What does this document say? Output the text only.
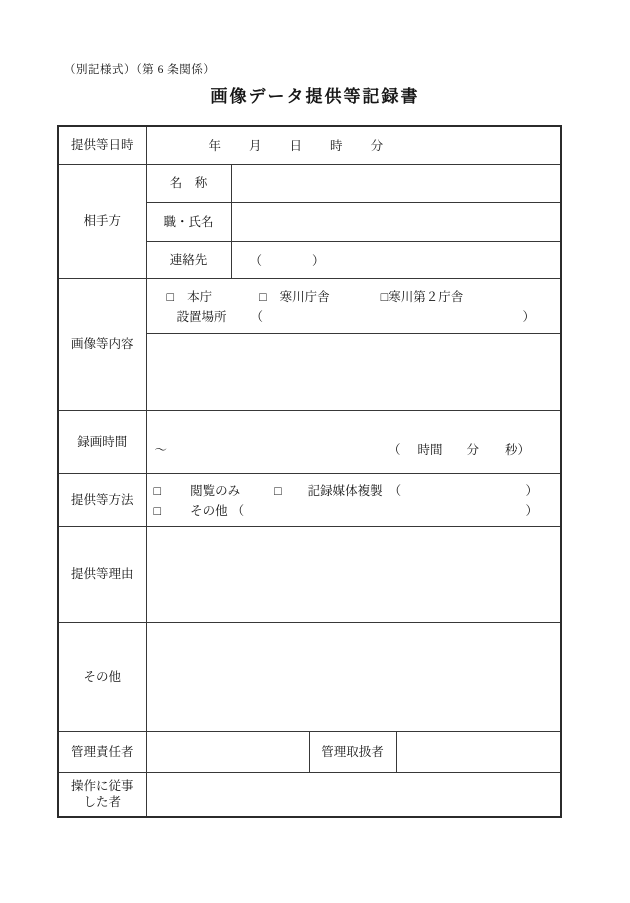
（別記様式）（第 6 条関係）
画像データ提供等記録書
提供等日時	年 月 日 時 分			

相手方	名　称			
	職・氏名			
	連絡先	（　　　　）		

画像等内容	
□ 本庁	□ 寒川庁舎	□ 寒川第２庁舎
設置場所 （	）

録画時間	～ （ 時間 分 秒）			

提供等方法	
□ 閲覧のみ	□ 記録媒体複製 （	）
□ その他 （	）

提供等理由				
その他				
管理責任者			管理取扱者	

操作に従事
した者				
